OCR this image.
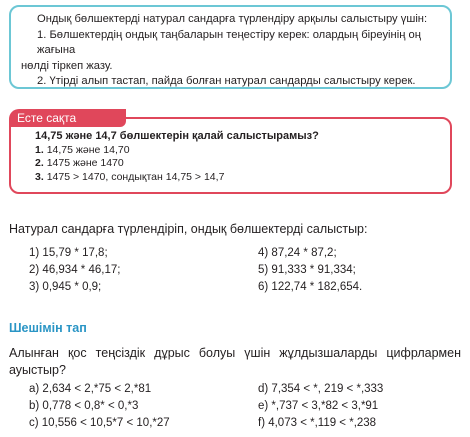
Ондық бөлшектерді натурал сандарға түрлендіру арқылы салыстыру үшін:

1. Бөлшектердің ондық таңбаларын теңестіру керек: олардың біреуінің оң жағына

нөлді тіркеп жазу.

2. Үтірді алып тастап, пайда болған натурал сандарды салыстыру керек.

Есте сақта
14,75 және 14,7 бөлшектерін қалай салыстырамыз?
1. 14,75 және 14,70
2. 1475 және 1470
3. 1475 > 1470, сондықтан 14,75 > 14,7
Натурал сандарға түрлендіріп, ондық бөлшектерді салыстыр:
1) 15,79 * 17,8;
2) 46,934 * 46,17;
3) 0,945 * 0,9;
4) 87,24 * 87,2;
5) 91,333 * 91,334;
6) 122,74 * 182,654.
Шешімін тап
Алынған қос теңсіздік дұрыс болуы үшін жұлдызшаларды цифрлармен
ауыстыр?
a) 2,634 < 2,*75 < 2,*81
b) 0,778 < 0,8* < 0,*3
c) 10,556 < 10,5*7 < 10,*27
d) 7,354 < *, 219 < *,333
e) *,737 < 3,*82 < 3,*91
f) 4,073 < *,119 < *,238
